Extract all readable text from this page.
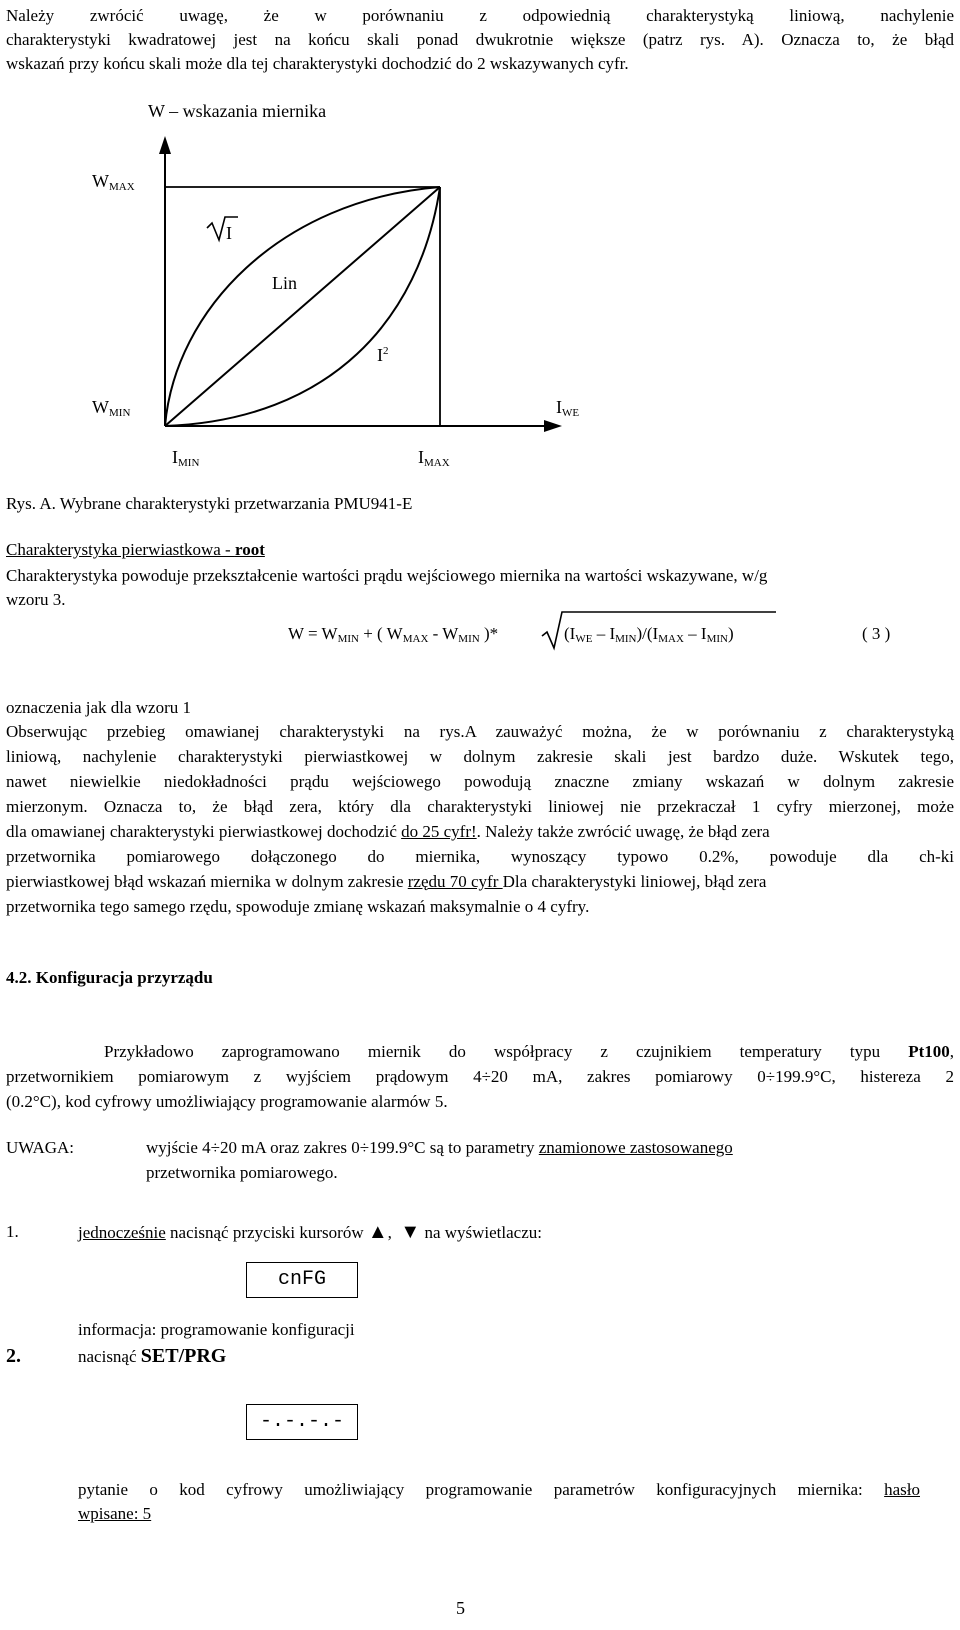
Należy zwrócić uwagę, że w porównaniu z odpowiednią charakterystyką liniową, nachylenie
charakterystyki kwadratowej jest na końcu skali ponad dwukrotnie większe (patrz rys. A). Oznacza to, że błąd
wskazań przy końcu skali może dla tej charakterystyki dochodzić do 2 wskazywanych cyfr.
W – wskazania miernika
$W_{MAX}$
I
Lin
$I^2$
$W_{MIN}$	$I_{WE}$
$I_{MIN}$	$I_{MAX}$
Rys. A. Wybrane charakterystyki przetwarzania PMU941-E
Charakterystyka pierwiastkowa - root
Charakterystyka powoduje przekształcenie wartości prądu wejściowego miernika na wartości wskazywane, w/g
wzoru 3.
$W = W_{MIN}$ + ( $W_{MAX} - W_{MIN}$ )*	$(I_{WE} - I_{MIN})/(I_{MAX} - I_{MIN})$	( 3 )
oznaczenia jak dla wzoru 1
Obserwując przebieg omawianej charakterystyki na rys.A zauważyć można, że w porównaniu z charakterystyką
liniową, nachylenie charakterystyki pierwiastkowej w dolnym zakresie skali jest bardzo duże. Wskutek tego,
nawet niewielkie niedokładności prądu wejściowego powodują znaczne zmiany wskazań w dolnym zakresie
mierzonym. Oznacza to, że błąd zera, który dla charakterystyki liniowej nie przekraczał 1 cyfry mierzonej, może
dla omawianej charakterystyki pierwiastkowej dochodzić do 25 cyfr!. Należy także zwrócić uwagę, że błąd zera
przetwornika pomiarowego dołączonego do miernika, wynoszący typowo 0.2%, powoduje dla ch-ki
pierwiastkowej błąd wskazań miernika w dolnym zakresie rzędu 70 cyfr Dla charakterystyki liniowej, błąd zera
przetwornika tego samego rzędu, spowoduje zmianę wskazań maksymalnie o 4 cyfry.
4.2. Konfiguracja przyrządu
Przykładowo zaprogramowano miernik do współpracy z czujnikiem temperatury typu Pt100,
przetwornikiem pomiarowym z wyjściem prądowym 4÷20 mA, zakres pomiarowy 0÷199.9°C, histereza 2
(0.2°C), kod cyfrowy umożliwiający programowanie alarmów 5.
UWAGA:	wyjście 4÷20 mA oraz zakres 0÷199.9°C są to parametry znamionowe zastosowanego
przetwornika pomiarowego.
1.	jednocześnie nacisnąć przyciski kursorów ▲, ▼ na wyświetlaczu:
cnFG
informacja: programowanie konfiguracji
2.	nacisnąć SET/PRG
-.-.-.-
pytanie o kod cyfrowy umożliwiający programowanie parametrów konfiguracyjnych miernika: hasło
wpisane: 5
5
